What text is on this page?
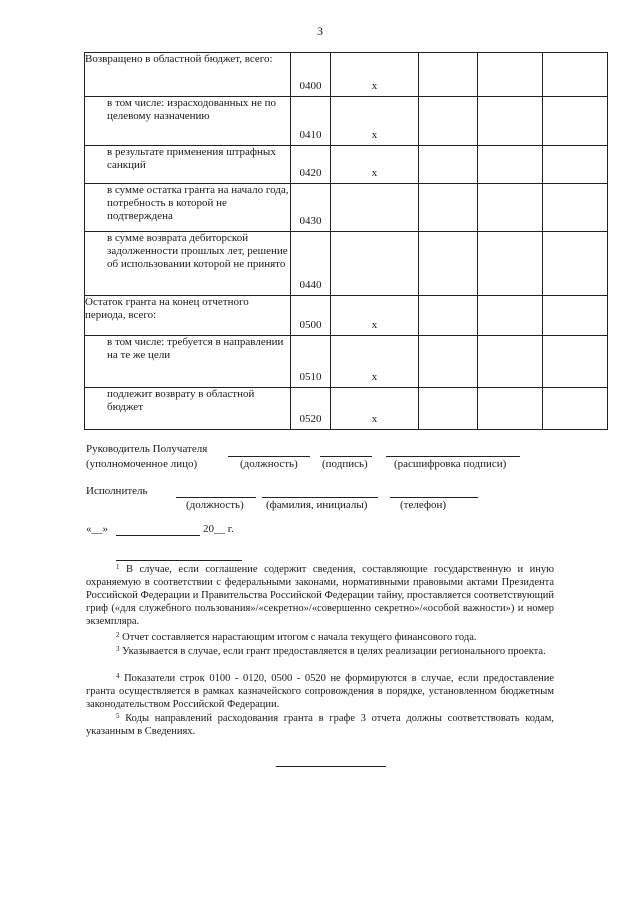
3
Возвращено в областной бюджет, всего:	0400	x			
в том числе: израсходованных не по целевому назначению	0410	x			
в результате применения штрафных санкций	0420	x			
в сумме остатка гранта на начало года, потребность в которой не подтверждена	0430				
в сумме возврата дебиторской задолженности прошлых лет, решение об использовании которой не принято	0440				
Остаток гранта на конец отчетного периода, всего:	0500	x			
в том числе: требуется в направлении на те же цели	0510	x			
подлежит возврату в областной бюджет	0520	x			
Руководитель Получателя
(уполномоченное лицо)	(должность) (подпись) (расшифровка подписи)
Исполнитель
(должность) (фамилия, инициалы)	(телефон)
«__»	20__ г.
$^1$ В случае, если соглашение содержит сведения, составляющие государственную и иную охраняемую в соответствии с федеральными законами, нормативными правовыми актами Президента Российской Федерации и Правительства Российской Федерации тайну, проставляется соответствующий гриф («для служебного пользования»/«секретно»/«совершенно секретно»/«особой важности») и номер экземпляра.
$^2$ Отчет составляется нарастающим итогом с начала текущего финансового года.
$^3$ Указывается в случае, если грант предоставляется в целях реализации регионального проекта.
$^4$ Показатели строк 0100 - 0120, 0500 - 0520 не формируются в случае, если предоставление гранта осуществляется в рамках казначейского сопровождения в порядке, установленном бюджетным законодательством Российской Федерации.
$^5$ Коды направлений расходования гранта в графе 3 отчета должны соответствовать кодам, указанным в Сведениях.
